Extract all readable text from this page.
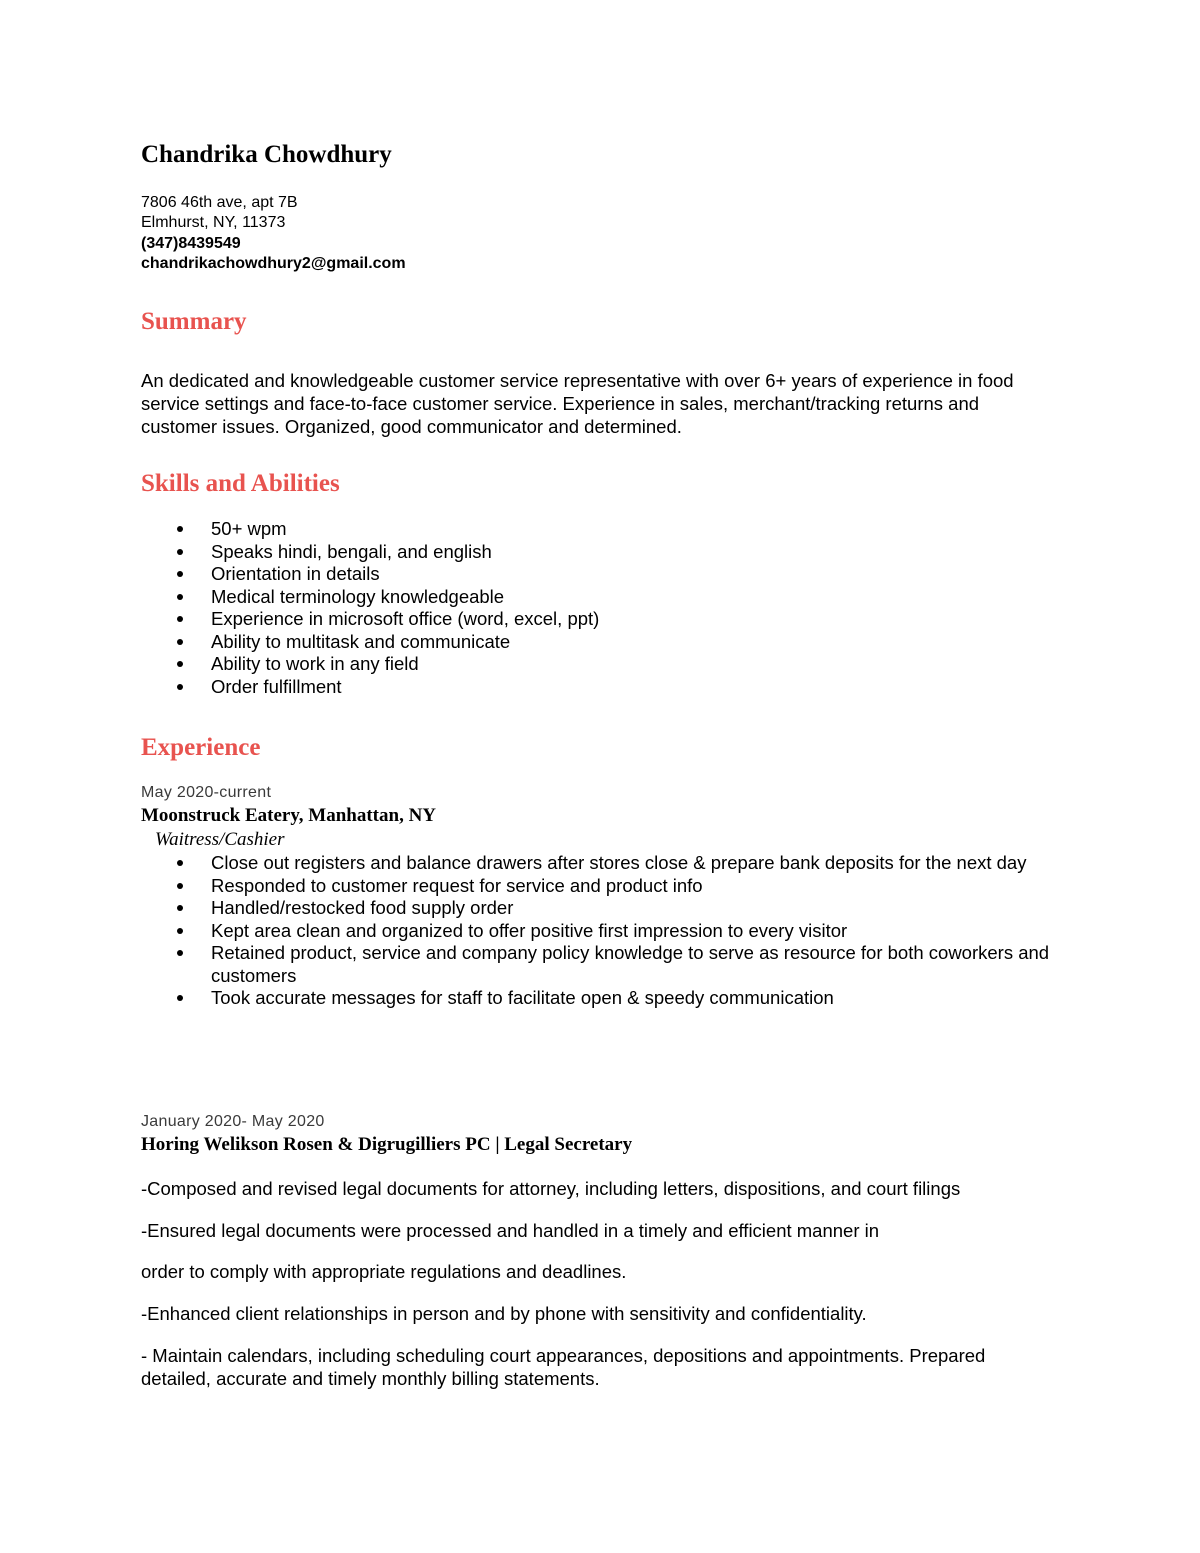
Chandrika Chowdhury
7806 46th ave, apt 7B
Elmhurst, NY, 11373
(347)8439549
chandrikachowdhury2@gmail.com
Summary
An dedicated and knowledgeable customer service representative with over 6+ years of experience in food service settings and face-to-face customer service. Experience in sales, merchant/tracking returns and customer issues. Organized, good communicator and determined.
Skills and Abilities
50+ wpm
Speaks hindi, bengali, and english
Orientation in details
Medical terminology knowledgeable
Experience in microsoft office (word, excel, ppt)
Ability to multitask and communicate
Ability to work in any field
Order fulfillment
Experience
May 2020-current
Moonstruck Eatery, Manhattan, NY
Waitress/Cashier
Close out registers and balance drawers after stores close & prepare bank deposits for the next day
Responded to customer request for service and product info
Handled/restocked food supply order
Kept area clean and organized to offer positive first impression to every visitor
Retained product, service and company policy knowledge to serve as resource for both coworkers and customers
Took accurate messages for staff to facilitate open & speedy communication
January 2020- May 2020
Horing Welikson Rosen & Digrugilliers PC | Legal Secretary
-Composed and revised legal documents for attorney, including letters, dispositions, and court filings
-Ensured legal documents were processed and handled in a timely and efficient manner in
order to comply with appropriate regulations and deadlines.
-Enhanced client relationships in person and by phone with sensitivity and confidentiality.
- Maintain calendars, including scheduling court appearances, depositions and appointments. Prepared detailed, accurate and timely monthly billing statements.
